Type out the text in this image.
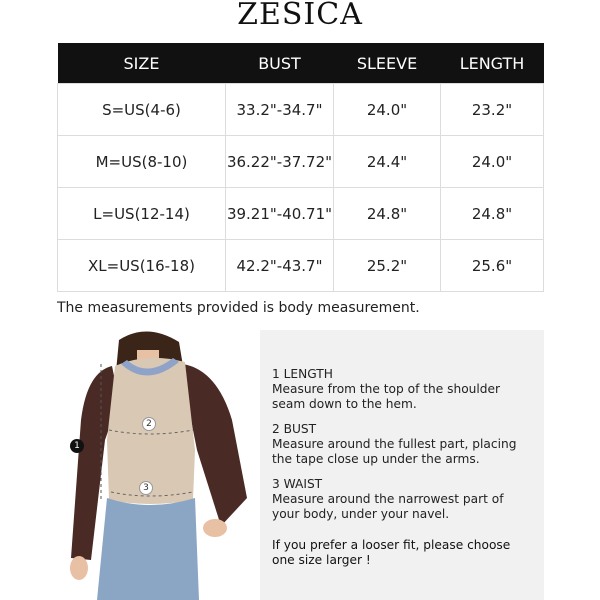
ZESICA
SIZE	BUST	SLEEVE	LENGTH
S=US(4-6)	33.2"-34.7"	24.0"	23.2"
M=US(8-10)	36.22"-37.72"	24.4"	24.0"
L=US(12-14)	39.21"-40.71"	24.8"	24.8"
XL=US(16-18)	42.2"-43.7"	25.2"	25.6"
The measurements provided is body measurement.
1
2
3
1 LENGTH
Measure from the top of the shoulder seam down to the hem.
2 BUST
Measure around the fullest part, placing the tape close up under the arms.
3 WAIST
Measure around the narrowest part of your body, under your navel.
If you prefer a looser fit, please choose one size larger !
